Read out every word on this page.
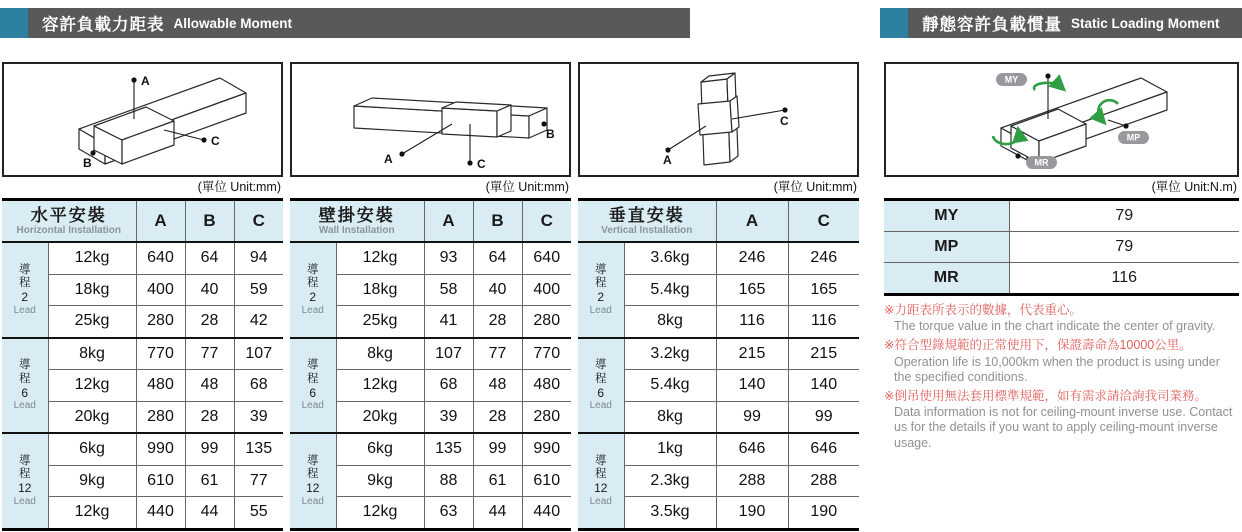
容許負載力距表 Allowable Moment	靜態容許負載慣量 Static Loading Moment
A
B
C
(單位 Unit:mm)
水平安裝
Horizontal Installation		A	B	C

導程
2
Lead	12kg	640	64	94
	18kg	400	40	59
	25kg	280	28	42

導程
6
Lead	8kg	770	77	107
	12kg	480	48	68
	20kg	280	28	39

導程
12
Lead	6kg	990	99	135
	9kg	610	61	77
	12kg	440	44	55
B
A	C
(單位 Unit:mm)
壁掛安裝
Wall Installation		A	B	C

導程
2
Lead	12kg	93	64	640
	18kg	58	40	400
	25kg	41	28	280

導程
6
Lead	8kg	107	77	770
	12kg	68	48	480
	20kg	39	28	280

導程
12
Lead	6kg	135	99	990
	9kg	88	61	610
	12kg	63	44	440
A
C
(單位 Unit:mm)
垂直安裝
Vertical Installation		A	C

導程
2
Lead	3.6kg	246	246
	5.4kg	165	165
	8kg	116	116

導程
6
Lead	3.2kg	215	215
	5.4kg	140	140
	8kg	99	99

導程
12
Lead	1kg	646	646
	2.3kg	288	288
	3.5kg	190	190
MY
MP
MR
(單位 Unit:N.m)
MY	79
MP	79
MR	116
※力距表所表示的數據，代表重心。
The torque value in the chart indicate the center of gravity.
※符合型錄規範的正常使用下，保證壽命為10000公里。
Operation life is 10,000km when the product is using under the specified conditions.
※倒吊使用無法套用標準規範，如有需求請洽詢我司業務。
Data information is not for ceiling-mount inverse use. Contact us for the details if you want to apply ceiling-mount inverse usage.
